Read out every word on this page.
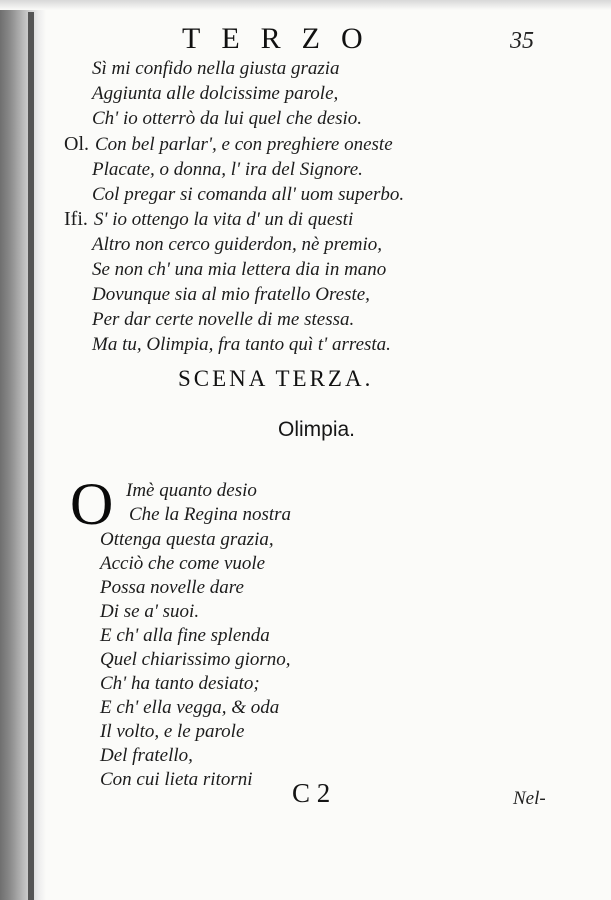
TERZO	35
Sì mi confido nella giusta grazia
Aggiunta alle dolcissime parole,
Ch' io otterrò da lui quel che desio.
Ol. Con bel parlar', e con preghiere oneste
Placate, o donna, l' ira del Signore.
Col pregar si comanda all' uom superbo.
Ifi. S' io ottengo la vita d' un di questi
Altro non cerco guiderdon, nè premio,
Se non ch' una mia lettera dia in mano
Dovunque sia al mio fratello Oreste,
Per dar certe novelle di me stessa.
Ma tu, Olimpia, fra tanto quì t' arresta.
SCENA TERZA.
Olimpia.
O Imè quanto desio
Che la Regina nostra
Ottenga questa grazia,
Acciò che come vuole
Possa novelle dare
Di se a' suoi.
E ch' alla fine splenda
Quel chiarissimo giorno,
Ch' ha tanto desiato;
E ch' ella vegga, & oda
Il volto, e le parole
Del fratello,
Con cui lieta ritorni C 2	Nel-
